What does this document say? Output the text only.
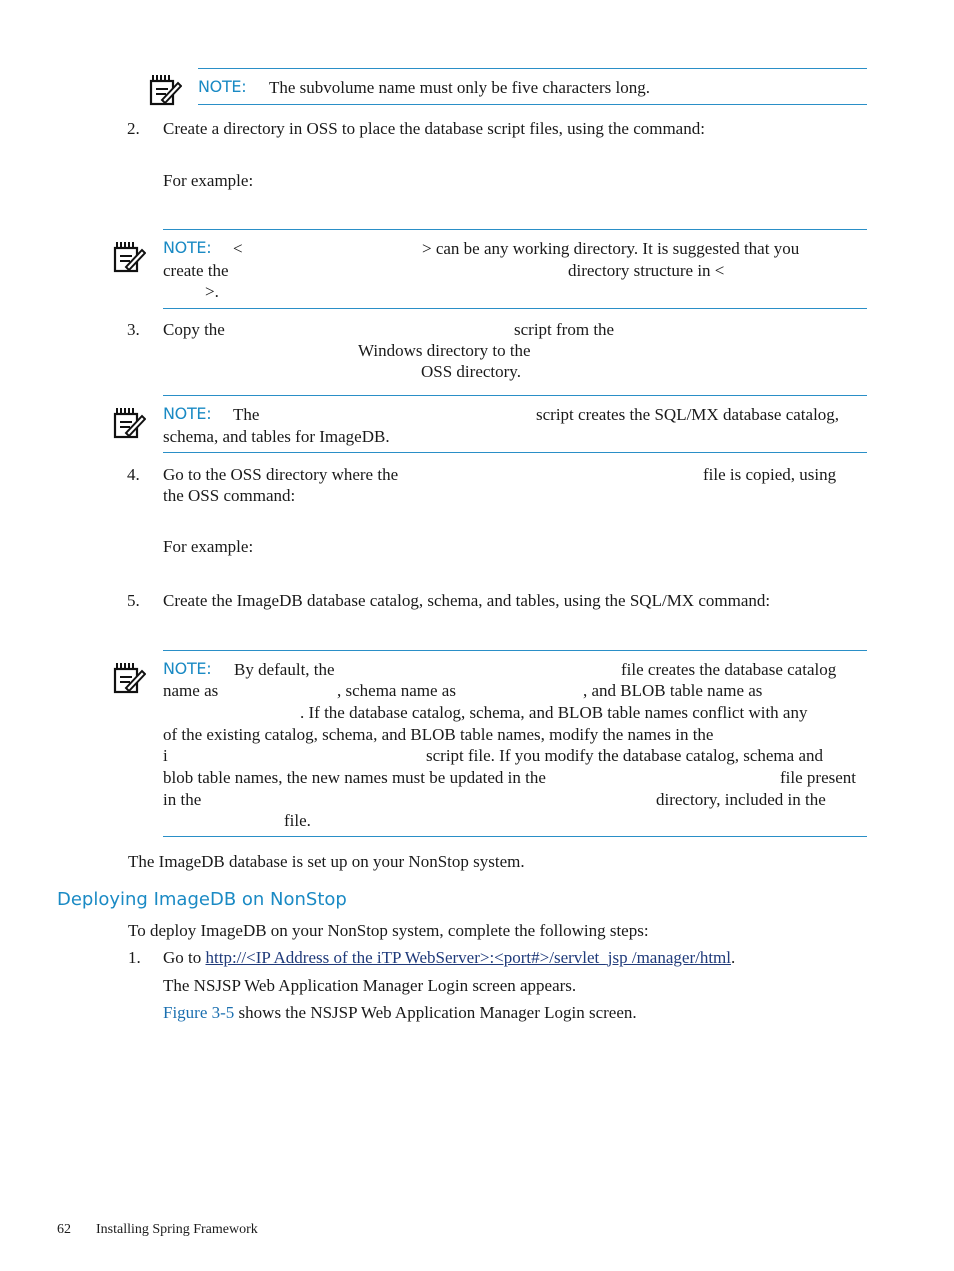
NOTE: The subvolume name must only be five characters long.
2. Create a directory in OSS to place the database script files, using the command:
For example:
NOTE: <	> can be any working directory. It is suggested that you
create the	directory structure in <
>.
3. Copy the	script from the
Windows directory to the
OSS directory.
NOTE: The	script creates the SQL/MX database catalog,
schema, and tables for ImageDB.
4. Go to the OSS directory where the	file is copied, using
the OSS command:
For example:
5. Create the ImageDB database catalog, schema, and tables, using the SQL/MX command:
NOTE: By default, the	file creates the database catalog
name as	, schema name as	, and BLOB table name as
. If the database catalog, schema, and BLOB table names conflict with any
of the existing catalog, schema, and BLOB table names, modify the names in the
i	script file. If you modify the database catalog, schema and
blob table names, the new names must be updated in the	file present
in the	directory, included in the
file.
The ImageDB database is set up on your NonStop system.
Deploying ImageDB on NonStop
To deploy ImageDB on your NonStop system, complete the following steps:
1. Go to http://<IP Address of the iTP WebServer>:<port#>/servlet_jsp /manager/html.
The NSJSP Web Application Manager Login screen appears.
Figure 3-5 shows the NSJSP Web Application Manager Login screen.
62 Installing Spring Framework
